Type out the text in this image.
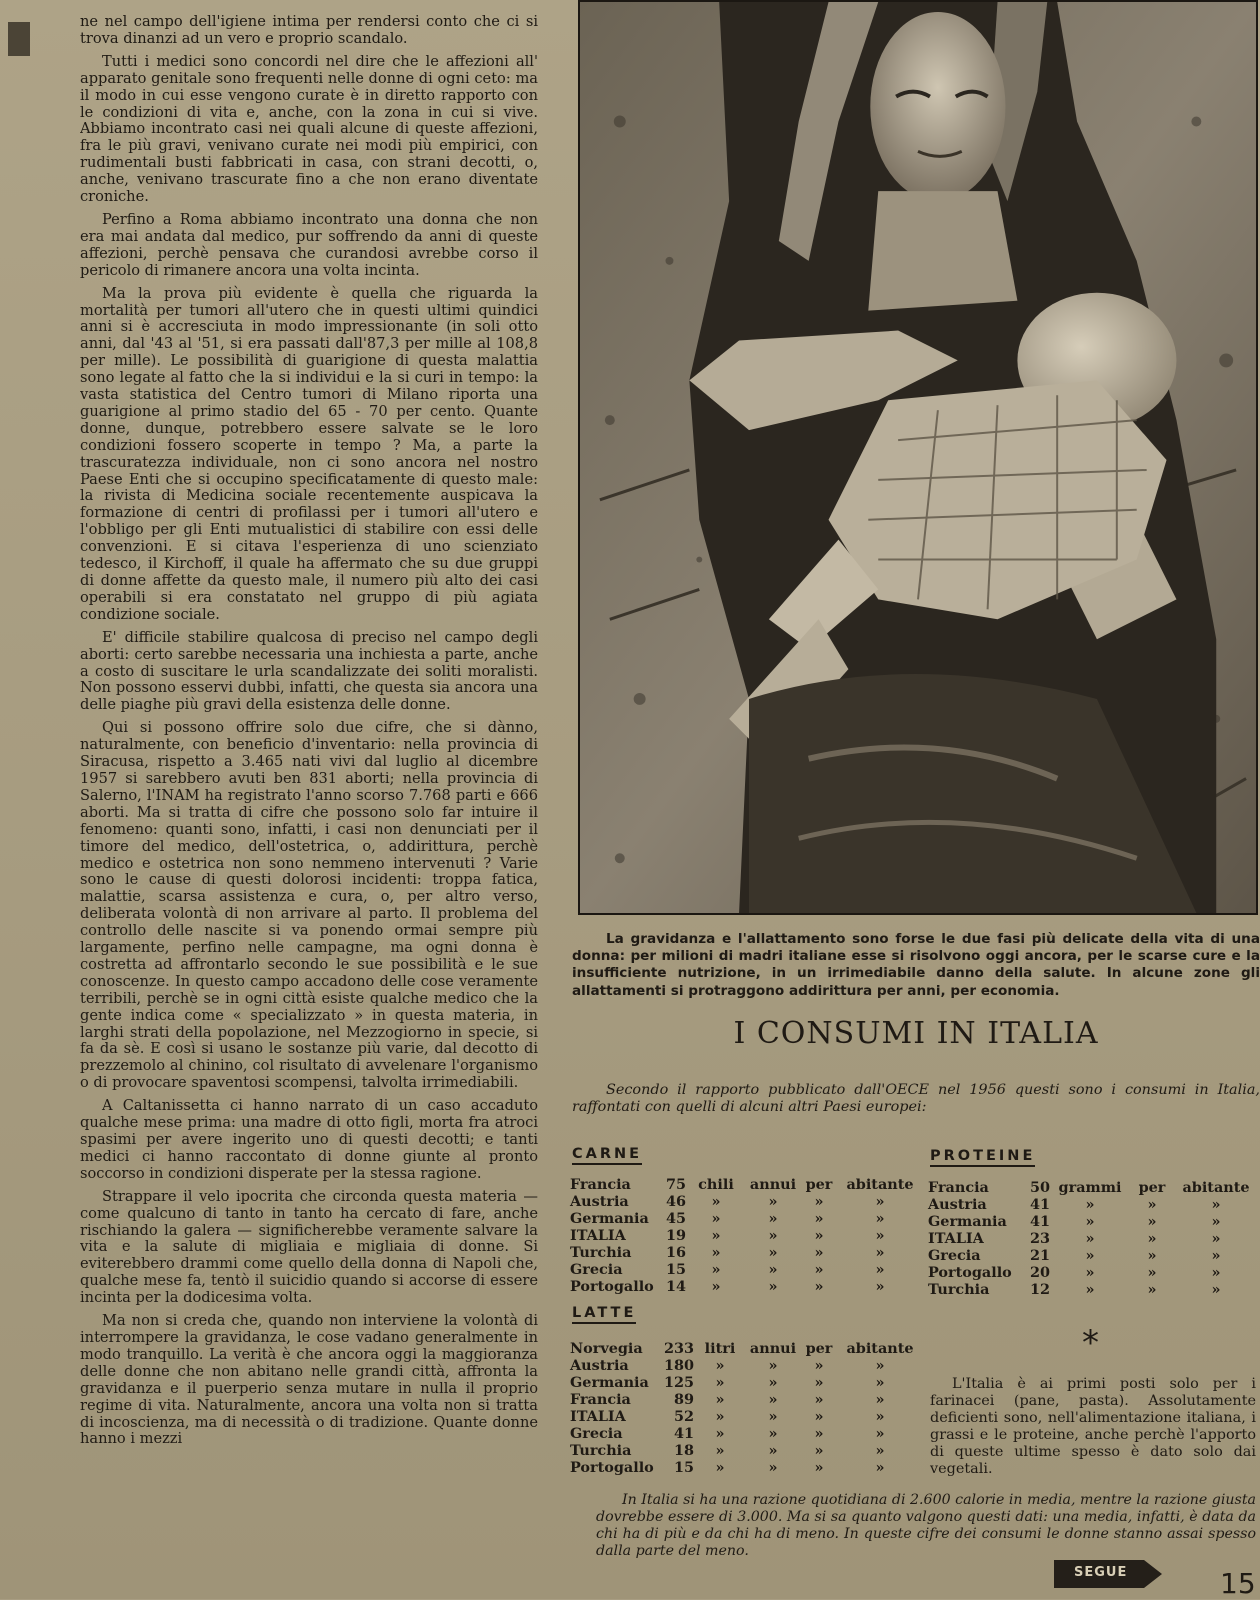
ne nel campo dell'igiene intima per rendersi conto che ci si trova dinanzi ad un vero e proprio scandalo.

Tutti i medici sono concordi nel dire che le affezioni all' apparato genitale sono frequenti nelle donne di ogni ceto: ma il modo in cui esse vengono curate è in diretto rapporto con le condizioni di vita e, anche, con la zona in cui si vive. Abbiamo incontrato casi nei quali alcune di queste affezioni, fra le più gravi, venivano curate nei modi più empirici, con rudimentali busti fabbricati in casa, con strani decotti, o, anche, venivano trascurate fino a che non erano diventate croniche.

Perfino a Roma abbiamo incontrato una donna che non era mai andata dal medico, pur soffrendo da anni di queste affezioni, perchè pensava che curandosi avrebbe corso il pericolo di rimanere ancora una volta incinta.

Ma la prova più evidente è quella che riguarda la mortalità per tumori all'utero che in questi ultimi quindici anni si è accresciuta in modo impressionante (in soli otto anni, dal '43 al '51, si era passati dall'87,3 per mille al 108,8 per mille). Le possibilità di guarigione di questa malattia sono legate al fatto che la si individui e la si curi in tempo: la vasta statistica del Centro tumori di Milano riporta una guarigione al primo stadio del 65 - 70 per cento. Quante donne, dunque, potrebbero essere salvate se le loro condizioni fossero scoperte in tempo ? Ma, a parte la trascuratezza individuale, non ci sono ancora nel nostro Paese Enti che si occupino specificatamente di questo male: la rivista di Medicina sociale recentemente auspicava la formazione di centri di profilassi per i tumori all'utero e l'obbligo per gli Enti mutualistici di stabilire con essi delle convenzioni. E si citava l'esperienza di uno scienziato tedesco, il Kirchoff, il quale ha affermato che su due gruppi di donne affette da questo male, il numero più alto dei casi operabili si era constatato nel gruppo di più agiata condizione sociale.

E' difficile stabilire qualcosa di preciso nel campo degli aborti: certo sarebbe necessaria una inchiesta a parte, anche a costo di suscitare le urla scandalizzate dei soliti moralisti. Non possono esservi dubbi, infatti, che questa sia ancora una delle piaghe più gravi della esistenza delle donne.

Qui si possono offrire solo due cifre, che si dànno, naturalmente, con beneficio d'inventario: nella provincia di Siracusa, rispetto a 3.465 nati vivi dal luglio al dicembre 1957 si sarebbero avuti ben 831 aborti; nella provincia di Salerno, l'INAM ha registrato l'anno scorso 7.768 parti e 666 aborti. Ma si tratta di cifre che possono solo far intuire il fenomeno: quanti sono, infatti, i casi non denunciati per il timore del medico, dell'ostetrica, o, addirittura, perchè medico e ostetrica non sono nemmeno intervenuti ? Varie sono le cause di questi dolorosi incidenti: troppa fatica, malattie, scarsa assistenza e cura, o, per altro verso, deliberata volontà di non arrivare al parto. Il problema del controllo delle nascite si va ponendo ormai sempre più largamente, perfino nelle campagne, ma ogni donna è costretta ad affrontarlo secondo le sue possibilità e le sue conoscenze. In questo campo accadono delle cose veramente terribili, perchè se in ogni città esiste qualche medico che la gente indica come « specializzato » in questa materia, in larghi strati della popolazione, nel Mezzogiorno in specie, si fa da sè. E così si usano le sostanze più varie, dal decotto di prezzemolo al chinino, col risultato di avvelenare l'organismo o di provocare spaventosi scompensi, talvolta irrimediabili.

A Caltanissetta ci hanno narrato di un caso accaduto qualche mese prima: una madre di otto figli, morta fra atroci spasimi per avere ingerito uno di questi decotti; e tanti medici ci hanno raccontato di donne giunte al pronto soccorso in condizioni disperate per la stessa ragione.

Strappare il velo ipocrita che circonda questa materia — come qualcuno di tanto in tanto ha cercato di fare, anche rischiando la galera — significherebbe veramente salvare la vita e la salute di migliaia e migliaia di donne. Si eviterebbero drammi come quello della donna di Napoli che, qualche mese fa, tentò il suicidio quando si accorse di essere incinta per la dodicesima volta.

Ma non si creda che, quando non interviene la volontà di interrompere la gravidanza, le cose vadano generalmente in modo tranquillo. La verità è che ancora oggi la maggioranza delle donne che non abitano nelle grandi città, affronta la gravidanza e il puerperio senza mutare in nulla il proprio regime di vita. Naturalmente, ancora una volta non si tratta di incoscienza, ma di necessità o di tradizione. Quante donne hanno i mezzi

La gravidanza e l'allattamento sono forse le due fasi più delicate della vita di una donna: per milioni di madri italiane esse si risolvono oggi ancora, per le scarse cure e la insufficiente nutrizione, in un irrimediabile danno della salute. In alcune zone gli allattamenti si protraggono addirittura per anni, per economia.
I CONSUMI IN ITALIA
Secondo il rapporto pubblicato dall'OECE nel 1956 questi sono i consumi in Italia, raffontati con quelli di alcuni altri Paesi europei:
CARNE
Francia	75	chili	annui	per	abitante
Austria	46	»	»	»	»
Germania	45	»	»	»	»
ITALIA	19	»	»	»	»
Turchia	16	»	»	»	»
Grecia	15	»	»	»	»
Portogallo	14	»	»	»	»
LATTE
Norvegia	233	litri	annui	per	abitante
Austria	180	»	»	»	»
Germania	125	»	»	»	»
Francia	89	»	»	»	»
ITALIA	52	»	»	»	»
Grecia	41	»	»	»	»
Turchia	18	»	»	»	»
Portogallo	15	»	»	»	»
PROTEINE
Francia	50	grammi	per	abitante
Austria	41	»	»	»
Germania	41	»	»	»
ITALIA	23	»	»	»
Grecia	21	»	»	»
Portogallo	20	»	»	»
Turchia	12	»	»	»
*
L'Italia è ai primi posti solo per i farinacei (pane, pasta). Assolutamente deficienti sono, nell'alimentazione italiana, i grassi e le proteine, anche perchè l'apporto di queste ultime spesso è dato solo dai vegetali.
In Italia si ha una razione quotidiana di 2.600 calorie in media, mentre la razione giusta dovrebbe essere di 3.000. Ma si sa quanto valgono questi dati: una media, infatti, è data da chi ha di più e da chi ha di meno. In queste cifre dei consumi le donne stanno assai spesso dalla parte del meno.
SEGUE	15
